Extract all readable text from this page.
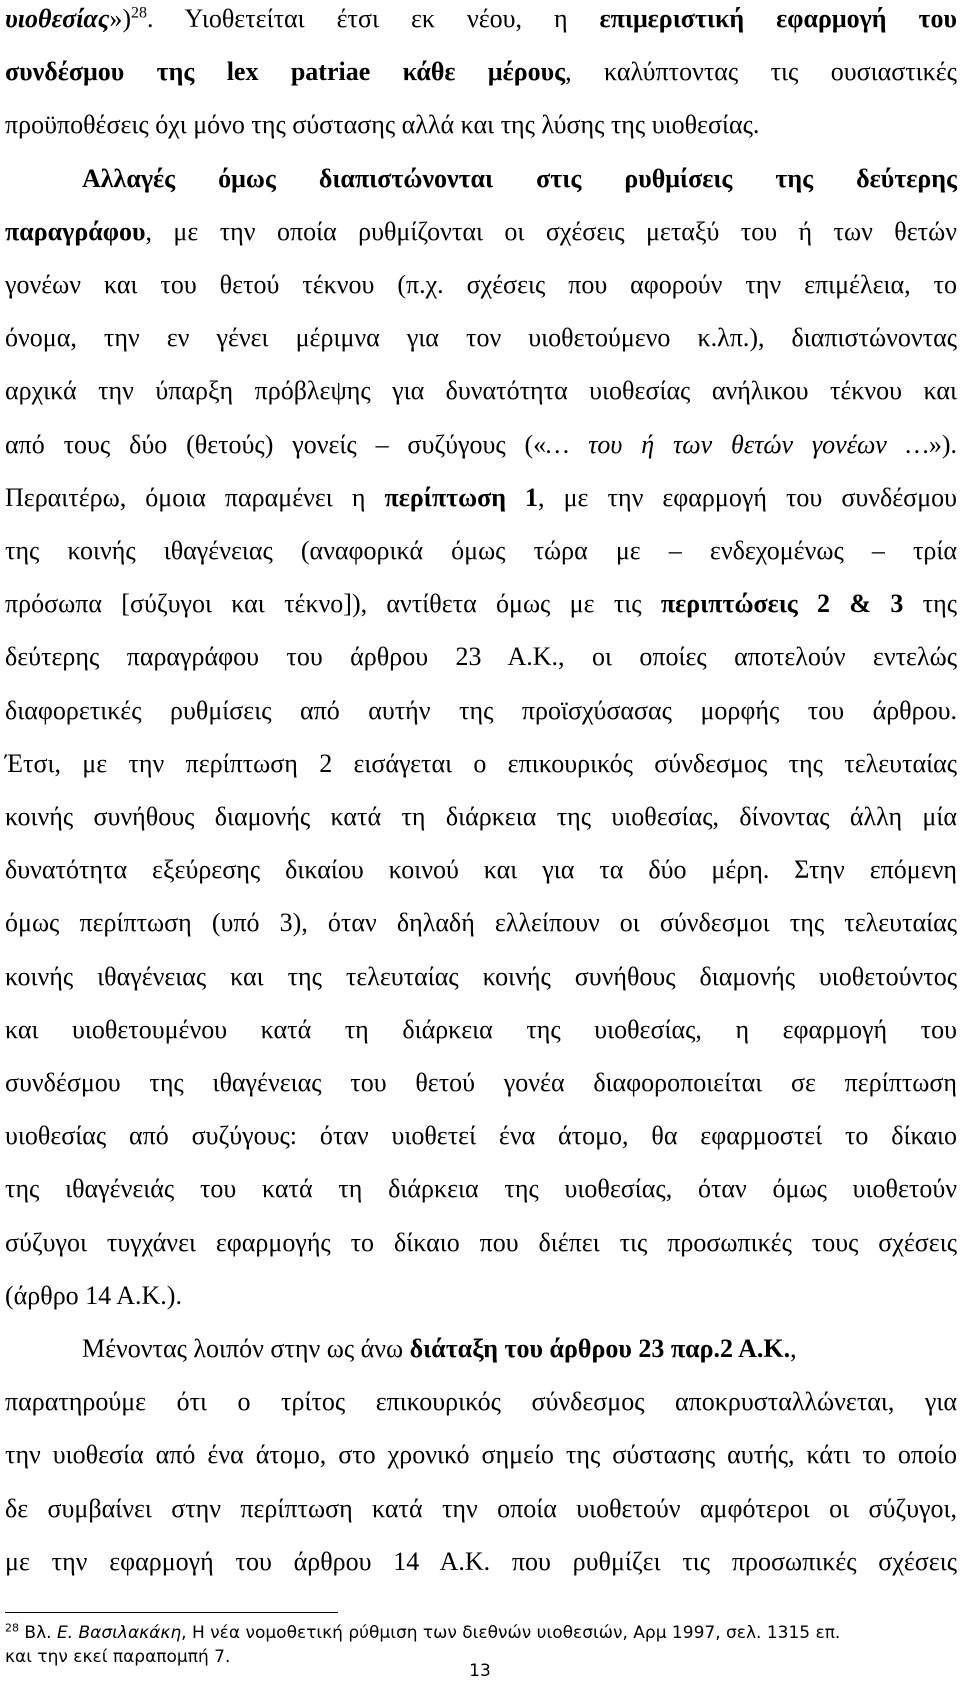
υιοθεσίας»)$^{28}$. Υιοθετείται έτσι εκ νέου, η επιμεριστική εφαρμογή του
συνδέσμου της lex patriae κάθε μέρους, καλύπτοντας τις ουσιαστικές
προϋποθέσεις όχι μόνο της σύστασης αλλά και της λύσης της υιοθεσίας.
Αλλαγές όμως διαπιστώνονται στις ρυθμίσεις της δεύτερης
παραγράφου, με την οποία ρυθμίζονται οι σχέσεις μεταξύ του ή των θετών
γονέων και του θετού τέκνου (π.χ. σχέσεις που αφορούν την επιμέλεια, το
όνομα, την εν γένει μέριμνα για τον υιοθετούμενο κ.λπ.), διαπιστώνοντας
αρχικά την ύπαρξη πρόβλεψης για δυνατότητα υιοθεσίας ανήλικου τέκνου και
από τους δύο (θετούς) γονείς – συζύγους («… του ή των θετών γονέων …»).
Περαιτέρω, όμοια παραμένει η περίπτωση 1, με την εφαρμογή του συνδέσμου
της κοινής ιθαγένειας (αναφορικά όμως τώρα με – ενδεχομένως – τρία
πρόσωπα [σύζυγοι και τέκνο]), αντίθετα όμως με τις περιπτώσεις 2 & 3 της
δεύτερης παραγράφου του άρθρου 23 Α.Κ., οι οποίες αποτελούν εντελώς
διαφορετικές ρυθμίσεις από αυτήν της προϊσχύσασας μορφής του άρθρου.
Έτσι, με την περίπτωση 2 εισάγεται ο επικουρικός σύνδεσμος της τελευταίας
κοινής συνήθους διαμονής κατά τη διάρκεια της υιοθεσίας, δίνοντας άλλη μία
δυνατότητα εξεύρεσης δικαίου κοινού και για τα δύο μέρη. Στην επόμενη
όμως περίπτωση (υπό 3), όταν δηλαδή ελλείπουν οι σύνδεσμοι της τελευταίας
κοινής ιθαγένειας και της τελευταίας κοινής συνήθους διαμονής υιοθετούντος
και υιοθετουμένου κατά τη διάρκεια της υιοθεσίας, η εφαρμογή του
συνδέσμου της ιθαγένειας του θετού γονέα διαφοροποιείται σε περίπτωση
υιοθεσίας από συζύγους: όταν υιοθετεί ένα άτομο, θα εφαρμοστεί το δίκαιο
της ιθαγένειάς του κατά τη διάρκεια της υιοθεσίας, όταν όμως υιοθετούν
σύζυγοι τυγχάνει εφαρμογής το δίκαιο που διέπει τις προσωπικές τους σχέσεις
(άρθρο 14 Α.Κ.).
Μένοντας λοιπόν στην ως άνω διάταξη του άρθρου 23 παρ.2 Α.Κ.,
παρατηρούμε ότι ο τρίτος επικουρικός σύνδεσμος αποκρυσταλλώνεται, για
την υιοθεσία από ένα άτομο, στο χρονικό σημείο της σύστασης αυτής, κάτι το οποίο
δε συμβαίνει στην περίπτωση κατά την οποία υιοθετούν αμφότεροι οι σύζυγοι,
με την εφαρμογή του άρθρου 14 Α.Κ. που ρυθμίζει τις προσωπικές σχέσεις
$^{28}$ Βλ. Ε. Βασιλακάκη, Η νέα νομοθετική ρύθμιση των διεθνών υιοθεσιών, Αρμ 1997, σελ. 1315 επ.
και την εκεί παραπομπή 7.
13
